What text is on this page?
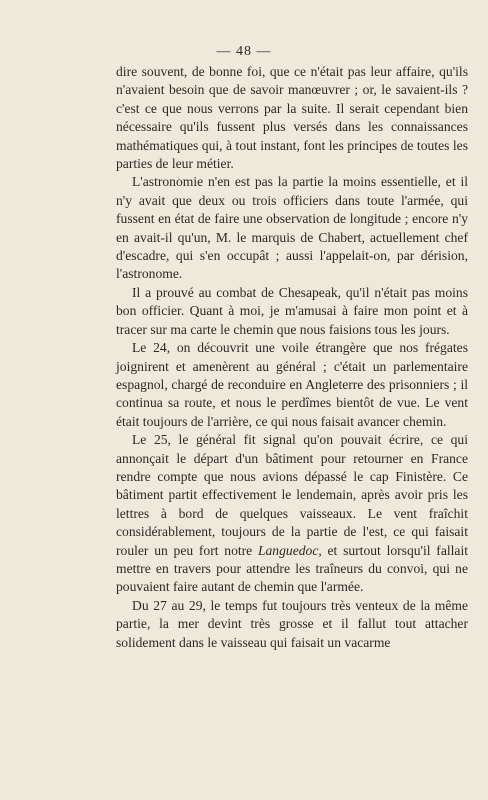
— 48 —

dire souvent, de bonne foi, que ce n'était pas leur affaire, qu'ils n'avaient besoin que de savoir manœuvrer ; or, le savaient-ils ? c'est ce que nous verrons par la suite. Il serait cependant bien nécessaire qu'ils fussent plus versés dans les connaissances mathématiques qui, à tout instant, font les principes de toutes les parties de leur métier.

L'astronomie n'en est pas la partie la moins essentielle, et il n'y avait que deux ou trois officiers dans toute l'armée, qui fussent en état de faire une observation de longitude ; encore n'y en avait-il qu'un, M. le marquis de Chabert, actuellement chef d'escadre, qui s'en occupât ; aussi l'appelait-on, par dérision, l'astronome.

Il a prouvé au combat de Chesapeak, qu'il n'était pas moins bon officier. Quant à moi, je m'amusai à faire mon point et à tracer sur ma carte le chemin que nous faisions tous les jours.

Le 24, on découvrit une voile étrangère que nos frégates joignirent et amenèrent au général ; c'était un parlementaire espagnol, chargé de reconduire en Angleterre des prisonniers ; il continua sa route, et nous le perdîmes bientôt de vue. Le vent était toujours de l'arrière, ce qui nous faisait avancer chemin.

Le 25, le général fit signal qu'on pouvait écrire, ce qui annonçait le départ d'un bâtiment pour retourner en France rendre compte que nous avions dépassé le cap Finistère. Ce bâtiment partit effectivement le lendemain, après avoir pris les lettres à bord de quelques vaisseaux. Le vent fraîchit considérablement, toujours de la partie de l'est, ce qui faisait rouler un peu fort notre Languedoc, et surtout lorsqu'il fallait mettre en travers pour attendre les traîneurs du convoi, qui ne pouvaient faire autant de chemin que l'armée.

Du 27 au 29, le temps fut toujours très venteux de la même partie, la mer devint très grosse et il fallut tout attacher solidement dans le vaisseau qui faisait un vacarme
